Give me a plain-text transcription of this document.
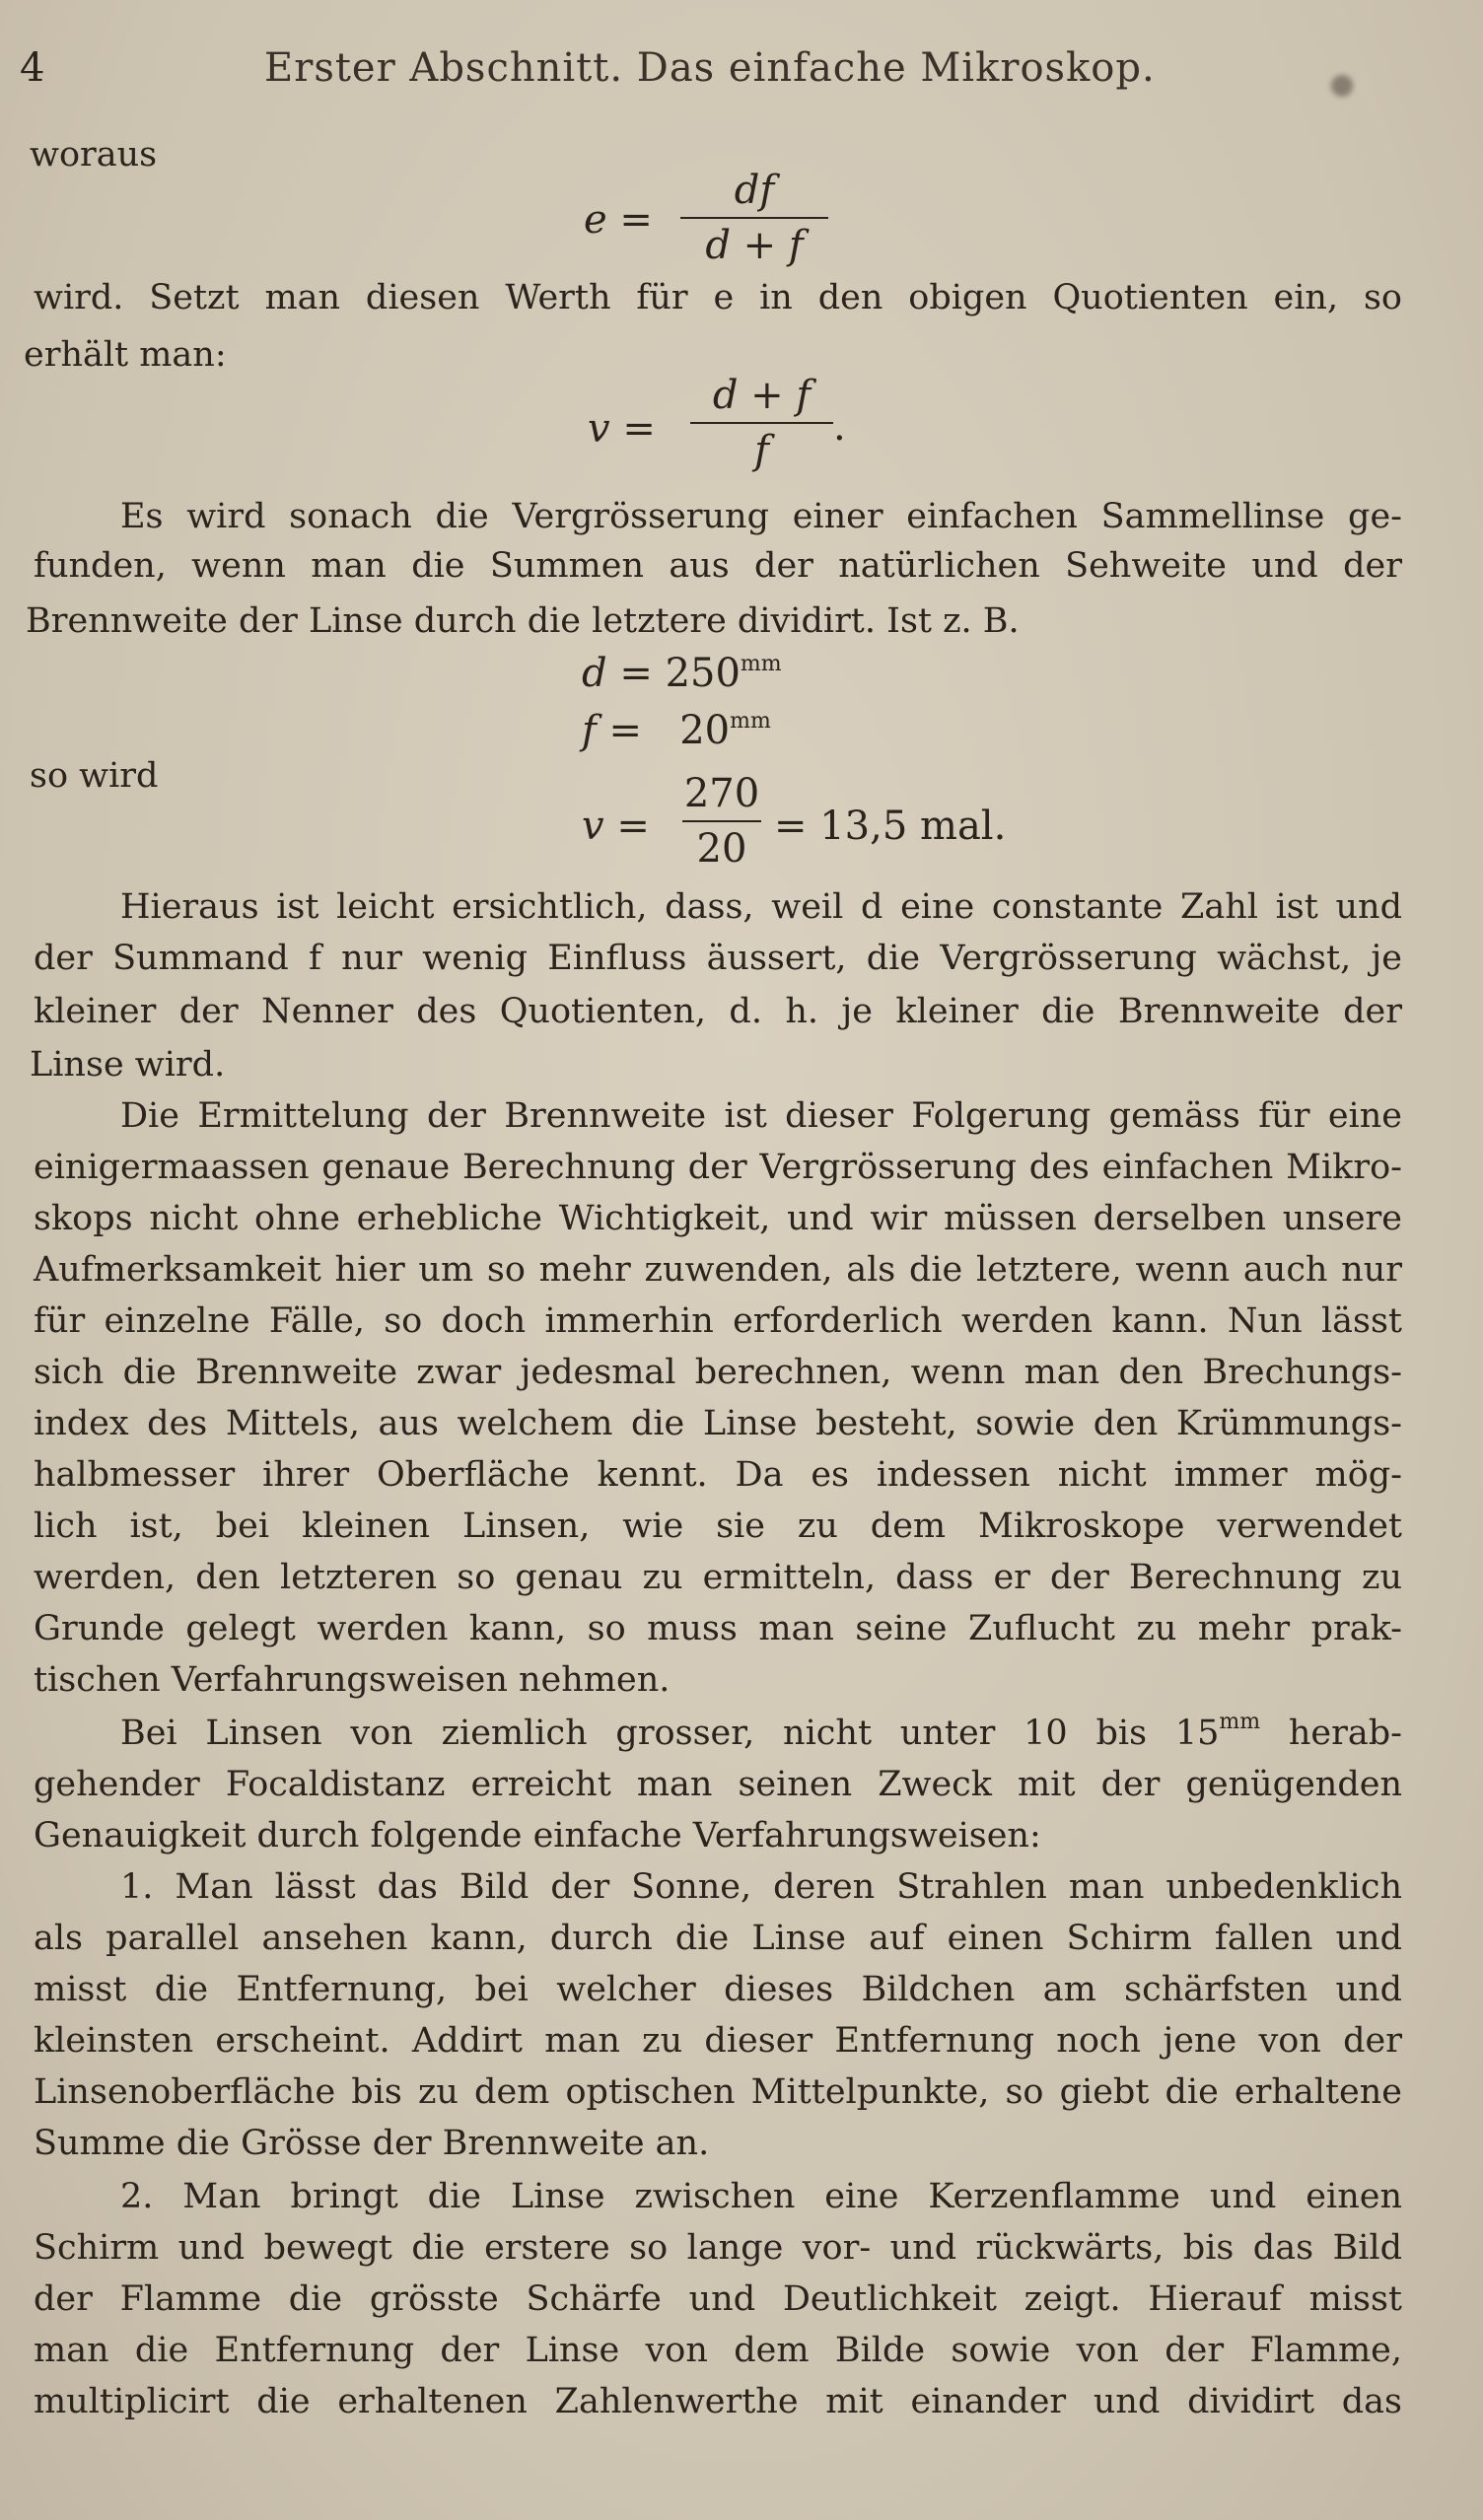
4	Erster Abschnitt. Das einfache Mikroskop.
woraus
e =
df
d + f
wird. Setzt man diesen Werth für e in den obigen Quotienten ein, so
erhält man:
v =
d + f
f
.
Es wird sonach die Vergrösserung einer einfachen Sammellinse ge-
funden, wenn man die Summen aus der natürlichen Sehweite und der
Brennweite der Linse durch die letztere dividirt. Ist z. B.
$d = 250^{mm}$
$f = 20^{mm}$
so wird
v =
270
20 = 13,5 mal.
Hieraus ist leicht ersichtlich, dass, weil d eine constante Zahl ist und
der Summand f nur wenig Einfluss äussert, die Vergrösserung wächst, je
kleiner der Nenner des Quotienten, d. h. je kleiner die Brennweite der
Linse wird.
Die Ermittelung der Brennweite ist dieser Folgerung gemäss für eine
einigermaassen genaue Berechnung der Vergrösserung des einfachen Mikro-
skops nicht ohne erhebliche Wichtigkeit, und wir müssen derselben unsere
Aufmerksamkeit hier um so mehr zuwenden, als die letztere, wenn auch nur
für einzelne Fälle, so doch immerhin erforderlich werden kann. Nun lässt
sich die Brennweite zwar jedesmal berechnen, wenn man den Brechungs-
index des Mittels, aus welchem die Linse besteht, sowie den Krümmungs-
halbmesser ihrer Oberfläche kennt. Da es indessen nicht immer mög-
lich ist, bei kleinen Linsen, wie sie zu dem Mikroskope verwendet
werden, den letzteren so genau zu ermitteln, dass er der Berechnung zu
Grunde gelegt werden kann, so muss man seine Zuflucht zu mehr prak-
tischen Verfahrungsweisen nehmen.
Bei Linsen von ziemlich grosser, nicht unter 10 bis $15^{mm}$ herab-
gehender Focaldistanz erreicht man seinen Zweck mit der genügenden
Genauigkeit durch folgende einfache Verfahrungsweisen:
1. Man lässt das Bild der Sonne, deren Strahlen man unbedenklich
als parallel ansehen kann, durch die Linse auf einen Schirm fallen und
misst die Entfernung, bei welcher dieses Bildchen am schärfsten und
kleinsten erscheint. Addirt man zu dieser Entfernung noch jene von der
Linsenoberfläche bis zu dem optischen Mittelpunkte, so giebt die erhaltene
Summe die Grösse der Brennweite an.
2. Man bringt die Linse zwischen eine Kerzenflamme und einen
Schirm und bewegt die erstere so lange vor- und rückwärts, bis das Bild
der Flamme die grösste Schärfe und Deutlichkeit zeigt. Hierauf misst
man die Entfernung der Linse von dem Bilde sowie von der Flamme,
multiplicirt die erhaltenen Zahlenwerthe mit einander und dividirt das
